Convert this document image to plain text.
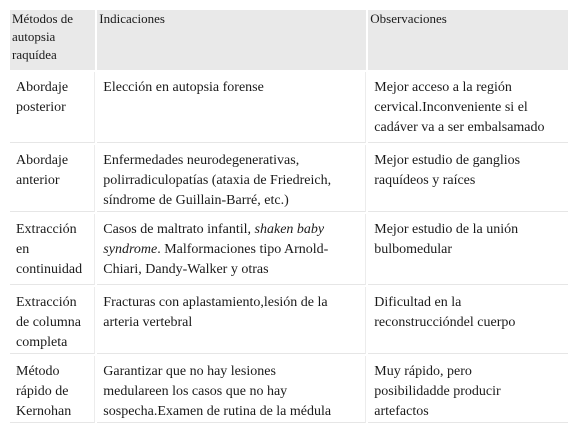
Métodos de
autopsia
raquídea	Indicaciones	Observaciones

Abordaje
posterior	Elección en autopsia forense	Mejor acceso a la región
cervical.Inconveniente si el
cadáver va a ser embalsamado

Abordaje
anterior	Enfermedades neurodegenerativas,
polirradiculopatías (ataxia de Friedreich,
síndrome de Guillain-Barré, etc.)	Mejor estudio de ganglios
raquídeos y raíces

Extracción
en
continuidad	Casos de maltrato infantil, shaken baby
syndrome. Malformaciones tipo Arnold-
Chiari, Dandy-Walker y otras	Mejor estudio de la unión
bulbomedular

Extracción
de columna
completa	Fracturas con aplastamiento,lesión de la
arteria vertebral	Dificultad en la
reconstruccióndel cuerpo

Método
rápido de
Kernohan	Garantizar que no hay lesiones
medulareen los casos que no hay
sospecha.Examen de rutina de la médula	Muy rápido, pero
posibilidadde producir
artefactos
